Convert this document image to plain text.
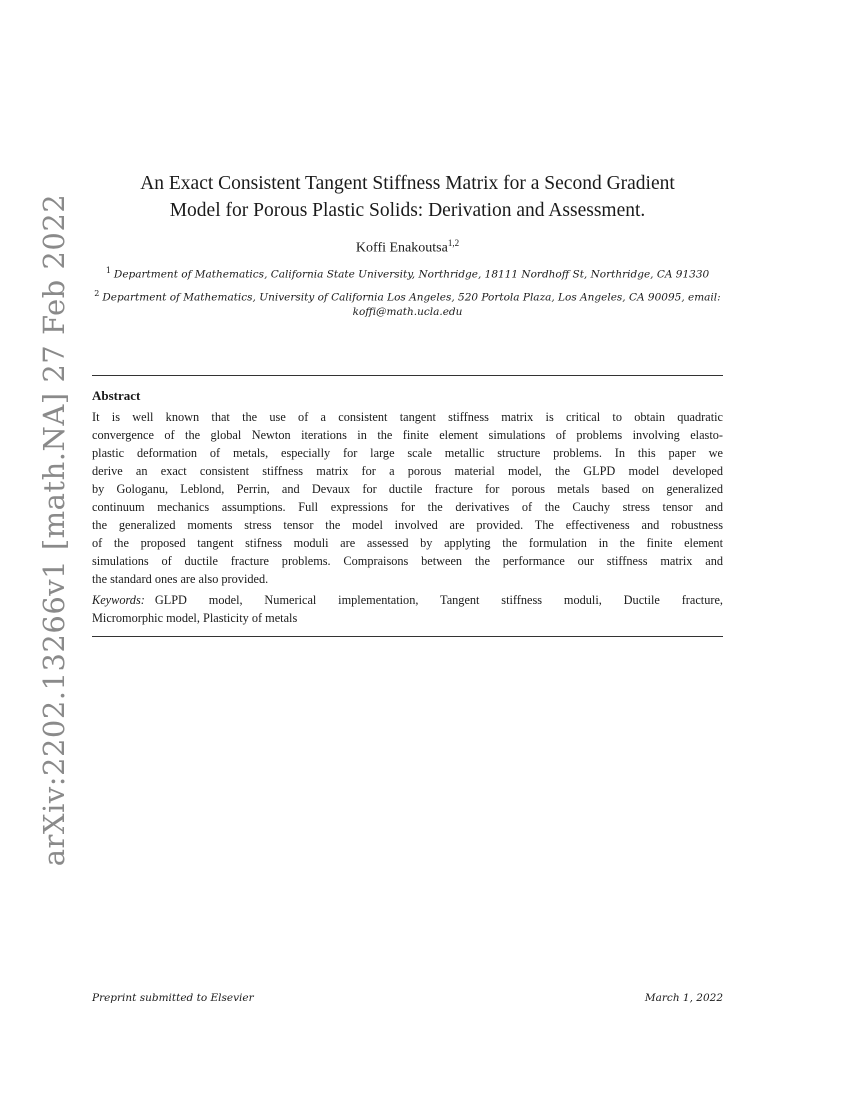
arXiv:2202.13266v1 [math.NA] 27 Feb 2022
An Exact Consistent Tangent Stiffness Matrix for a Second Gradient
Model for Porous Plastic Solids: Derivation and Assessment.
Koffi Enakoutsa$^{1,2}$
$^1$ Department of Mathematics, California State University, Northridge, 18111 Nordhoff St, Northridge, CA 91330
$^2$ Department of Mathematics, University of California Los Angeles, 520 Portola Plaza, Los Angeles, CA 90095, email:
koffi@math.ucla.edu
Abstract
It is well known that the use of a consistent tangent stiffness matrix is critical to obtain quadratic
convergence of the global Newton iterations in the finite element simulations of problems involving elasto-
plastic deformation of metals, especially for large scale metallic structure problems. In this paper we
derive an exact consistent stiffness matrix for a porous material model, the GLPD model developed
by Gologanu, Leblond, Perrin, and Devaux for ductile fracture for porous metals based on generalized
continuum mechanics assumptions. Full expressions for the derivatives of the Cauchy stress tensor and
the generalized moments stress tensor the model involved are provided. The effectiveness and robustness
of the proposed tangent stifness moduli are assessed by applyting the formulation in the finite element
simulations of ductile fracture problems. Compraisons between the performance our stiffness matrix and
the standard ones are also provided.
Keywords: GLPD model, Numerical implementation, Tangent stiffness moduli, Ductile fracture,
Micromorphic model, Plasticity of metals
Preprint submitted to Elsevier	March 1, 2022
